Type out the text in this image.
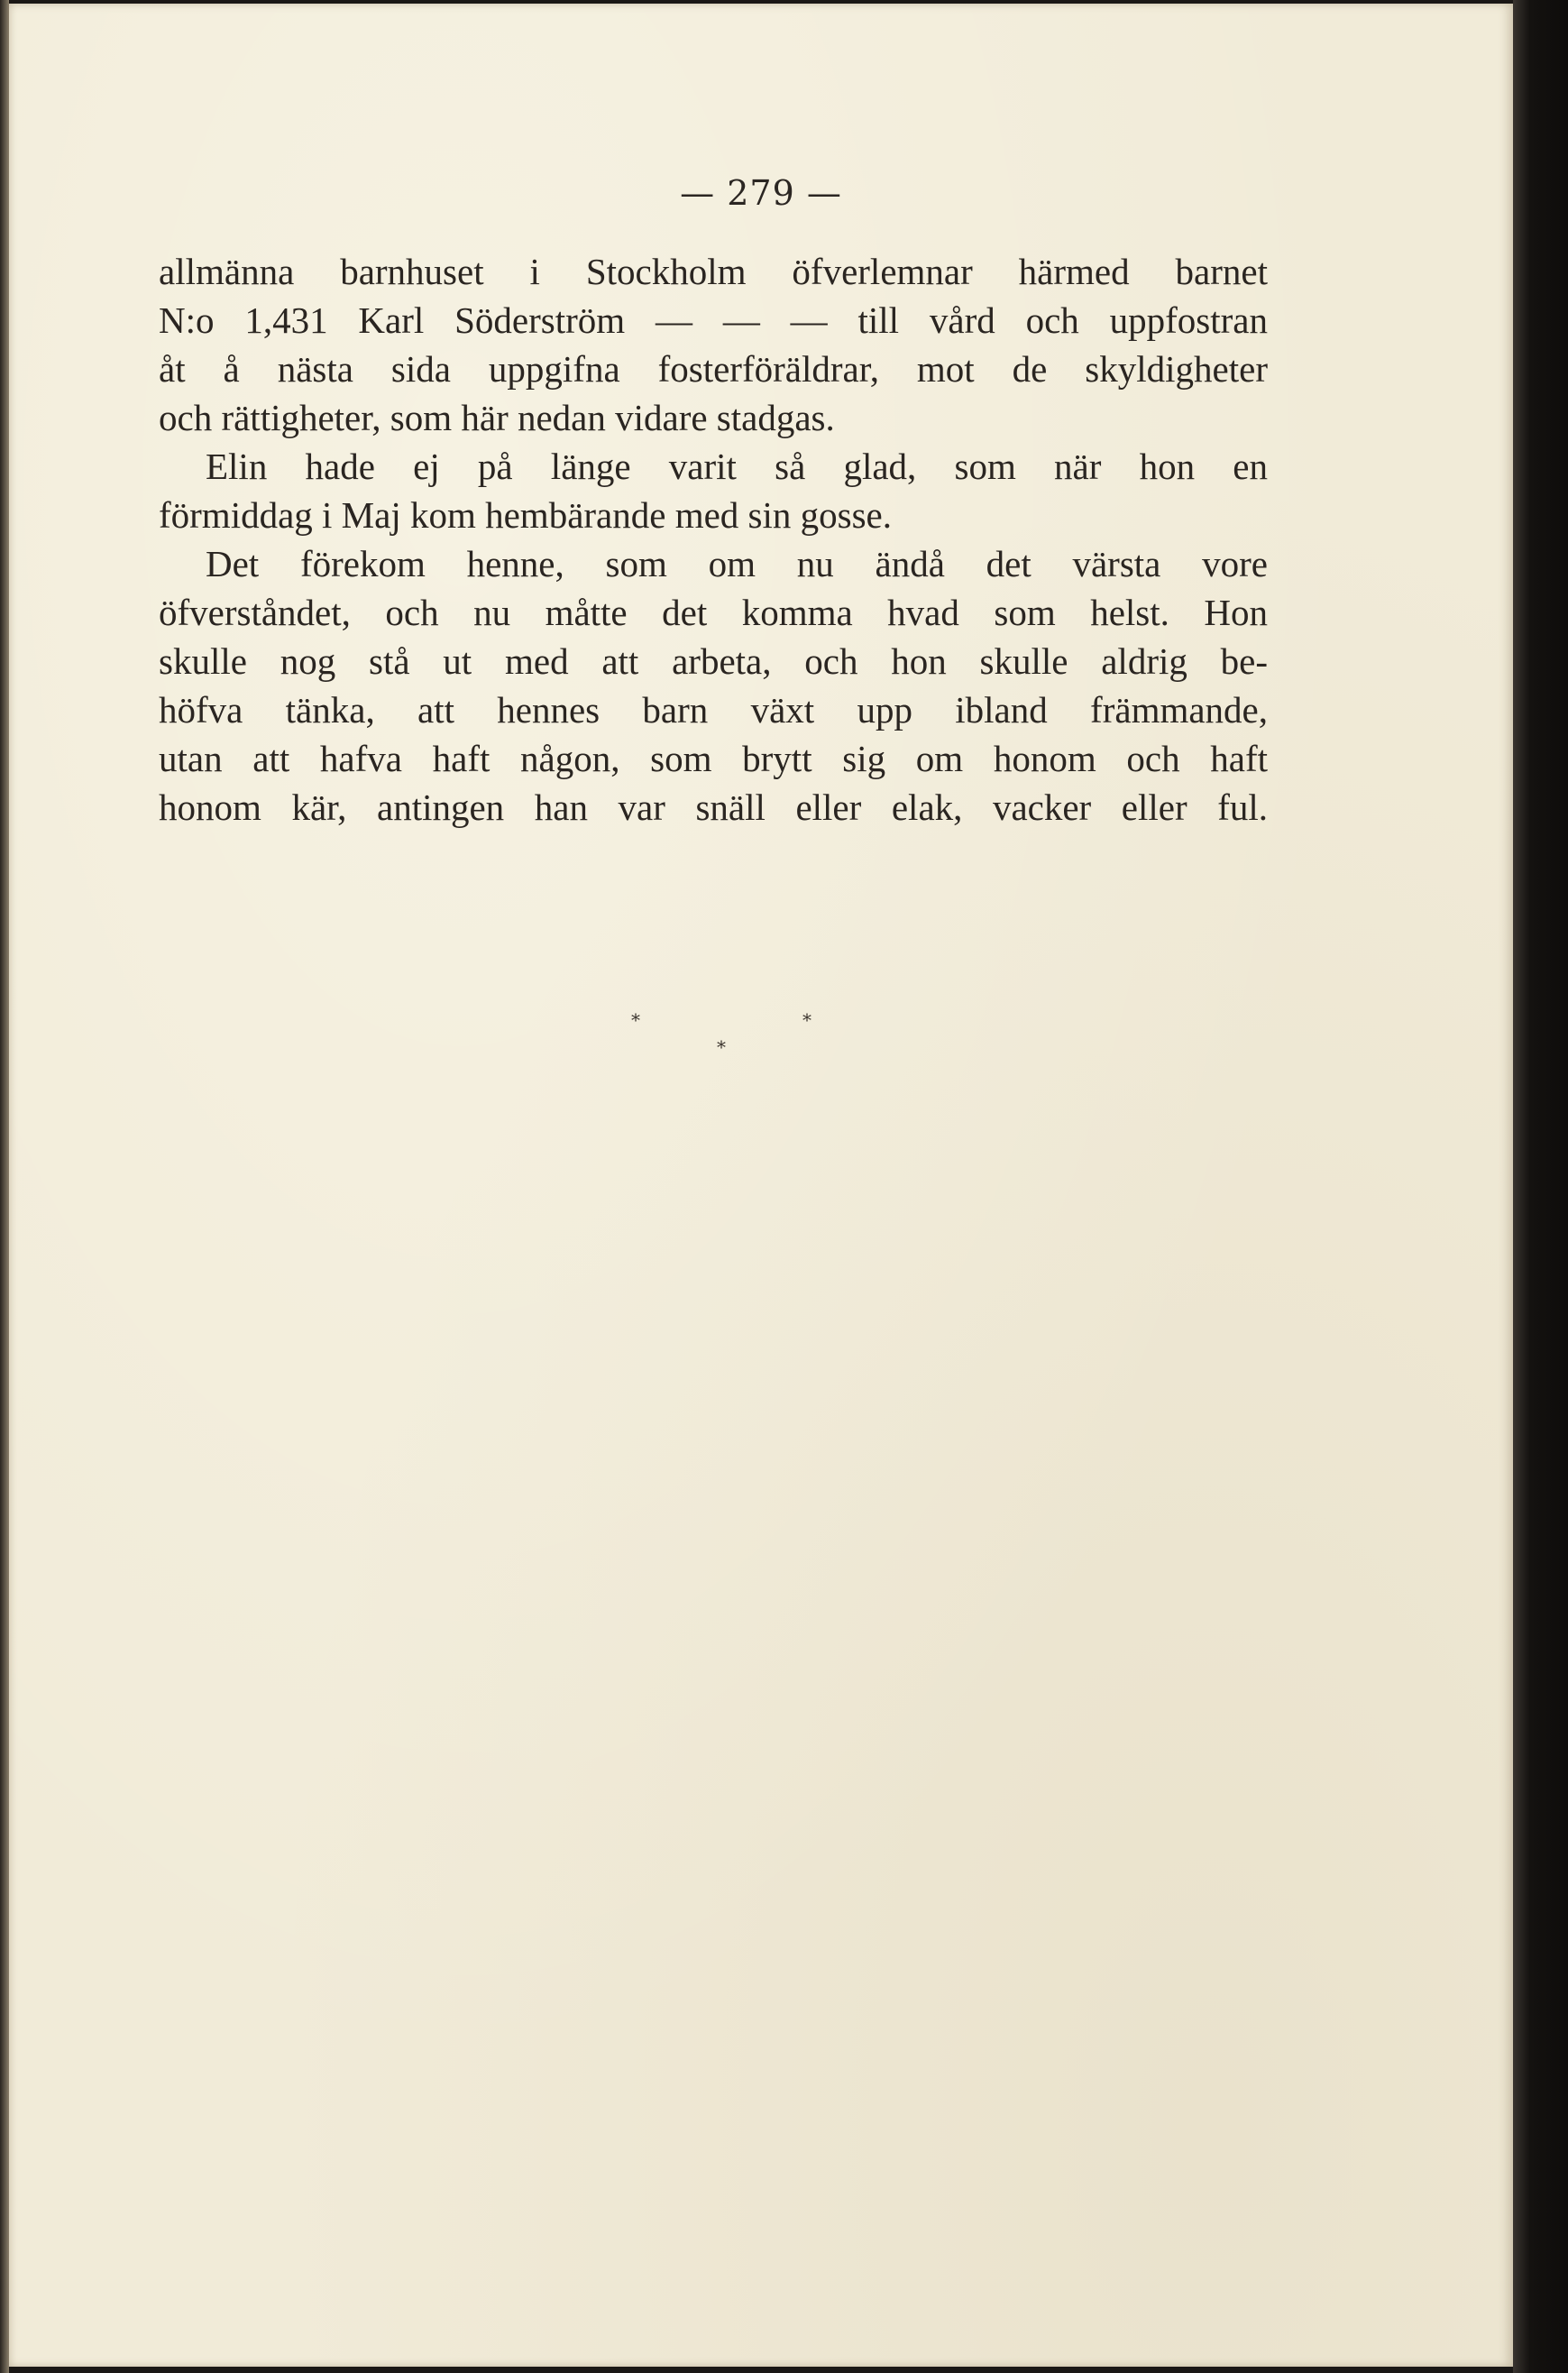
— 279 —
allmänna barnhuset i Stockholm öfverlemnar härmed barnet
N:o 1,431 Karl Söderström — — — till vård och uppfostran
åt å nästa sida uppgifna fosterföräldrar, mot de skyldigheter
och rättigheter, som här nedan vidare stadgas.
Elin hade ej på länge varit så glad, som när hon en
förmiddag i Maj kom hembärande med sin gosse.
Det förekom henne, som om nu ändå det värsta vore
öfverståndet, och nu måtte det komma hvad som helst. Hon
skulle nog stå ut med att arbeta, och hon skulle aldrig be-
höfva tänka, att hennes barn växt upp ibland främmande,
utan att hafva haft någon, som brytt sig om honom och haft
honom kär, antingen han var snäll eller elak, vacker eller ful.
*	*
*
